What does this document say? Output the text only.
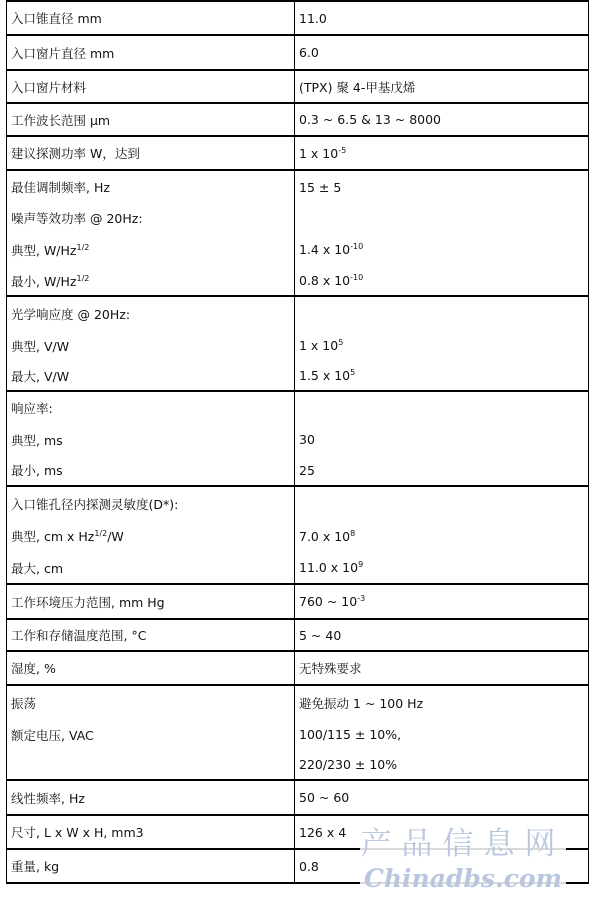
入口锥直径 mm	11.0
入口窗片直径 mm	6.0
入口窗片材料	(TPX) 聚 4-甲基戊烯
工作波长范围 μm	0.3 ~ 6.5 & 13 ~ 8000
建议探测功率 W，达到	1 x $10^{-5}$
最佳调制频率, Hz	15 ± 5
噪声等效功率 @ 20Hz:	
典型, $W/Hz^{1/2}$	1.4 x $10^{-10}$
最小, $W/Hz^{1/2}$	0.8 x $10^{-10}$
光学响应度 @ 20Hz:	
典型, V/W	1 x $10^5$
最大, V/W	1.5 x $10^5$
响应率:	
典型, ms	30
最小, ms	25
入口锥孔径内探测灵敏度(D*):	
典型, cm x $Hz^{1/2}/W$	7.0 x $10^8$
最大, cm	11.0 x $10^9$
工作环境压力范围, mm Hg	760 ~ $10^{-3}$
工作和存储温度范围, °C	5 ~ 40
湿度, %	无特殊要求
振荡	避免振动 1 ~ 100 Hz
额定电压, VAC	100/115 ± 10%,
	220/230 ± 10%
线性频率, Hz	50 ~ 60
尺寸, L x W x H, mm3	126 x 4
重量, kg	0.8
产品信息网
Chinadbs.com
